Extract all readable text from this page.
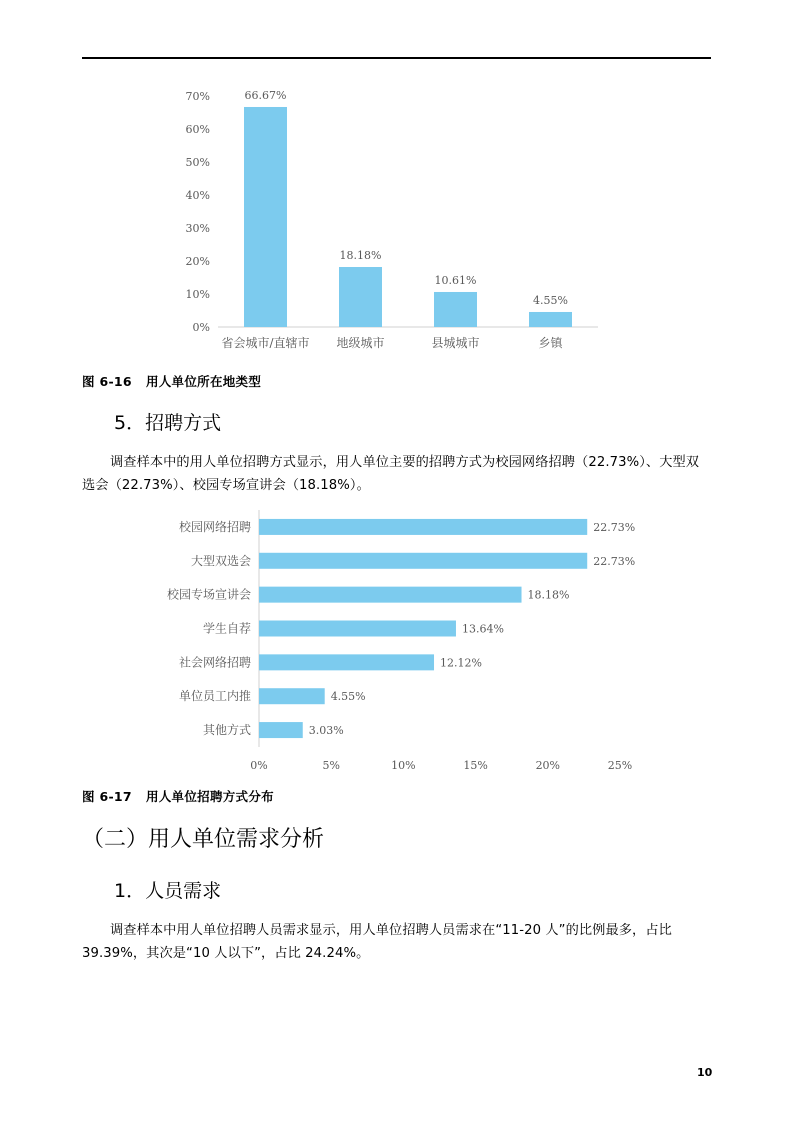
0%
10%
20%
30%
40%
50%
60%
70%	66.67%
省会城市/直辖市
18.18%
地级城市
10.61%
县城城市
4.55%
乡镇
图 6-16 用人单位所在地类型
5．招聘方式
调查样本中的用人单位招聘方式显示，用人单位主要的招聘方式为校园网络招聘（22.73%）、大型双选会（22.73%）、校园专场宣讲会（18.18%）。
22.73%
校园网络招聘
22.73%
大型双选会
18.18%
校园专场宣讲会
13.64%
学生自荐
12.12%
社会网络招聘
4.55%
单位员工内推
3.03%
其他方式
0%	5%	10%	15%	20%	25%
图 6-17 用人单位招聘方式分布
（二）用人单位需求分析
1．人员需求
调查样本中用人单位招聘人员需求显示，用人单位招聘人员需求在“11-20 人”的比例最多，占比 39.39%，其次是“10 人以下”，占比 24.24%。
10
